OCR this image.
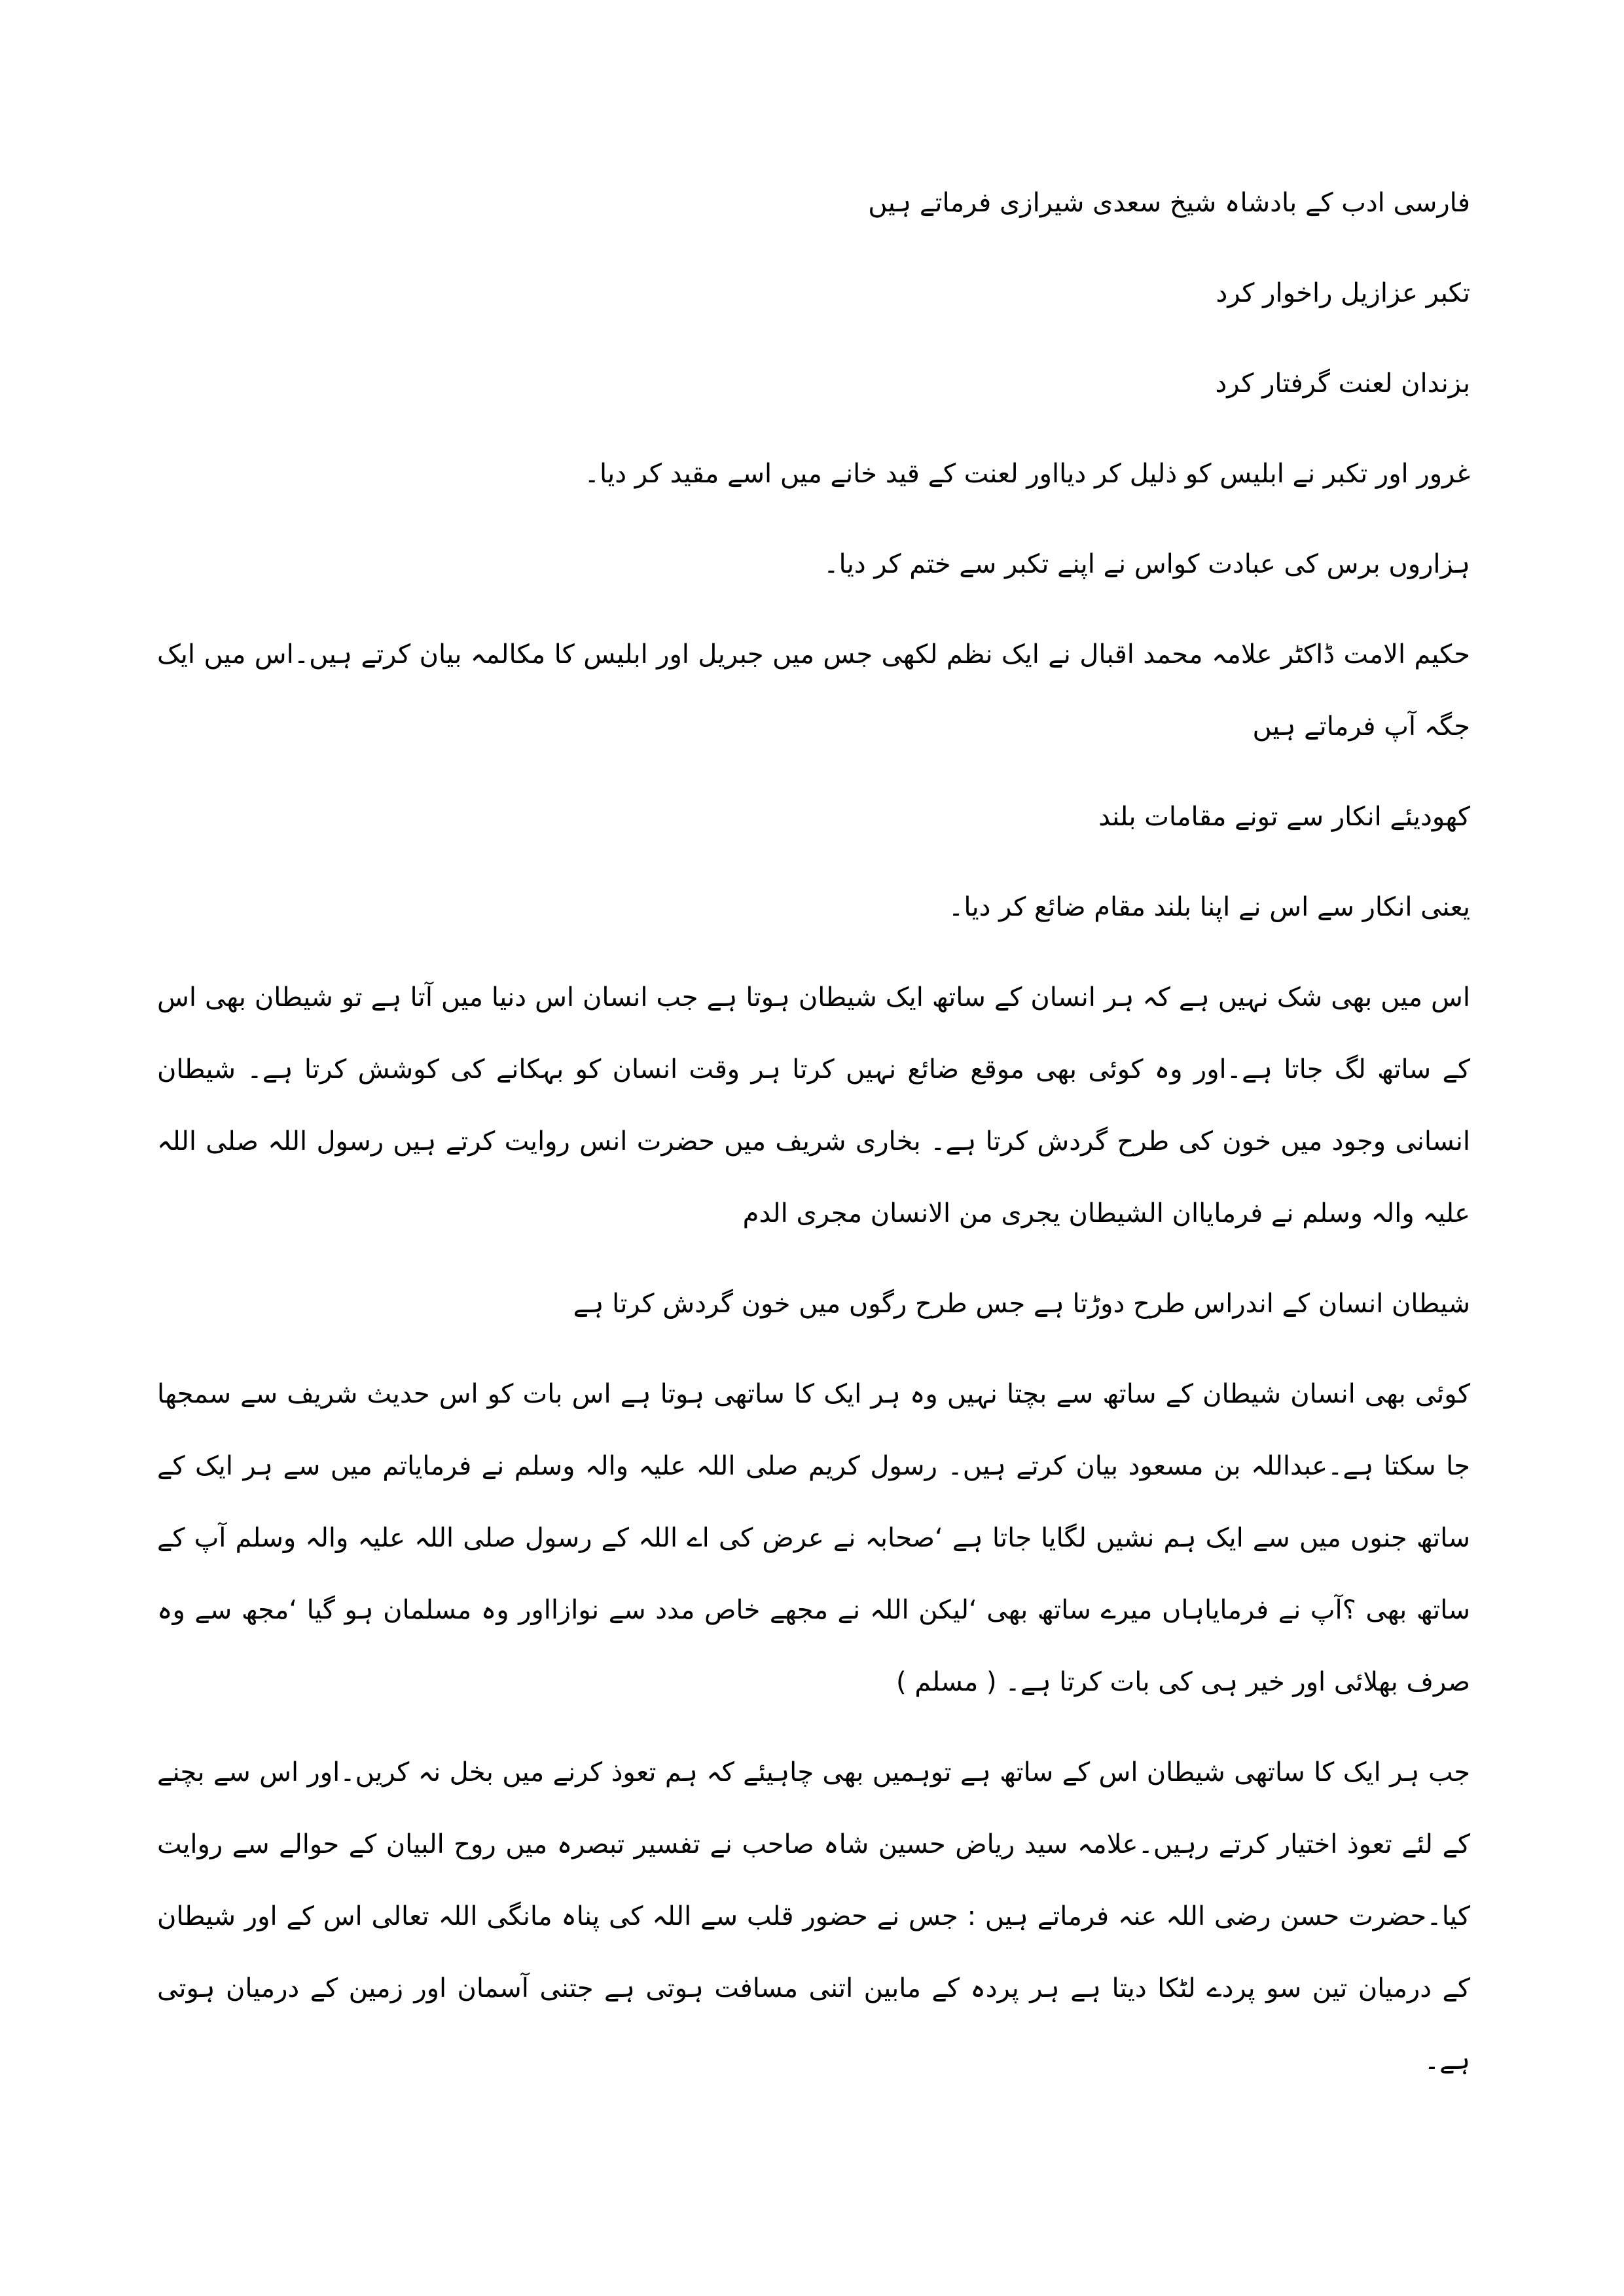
فارسی ادب کے بادشاہ شیخ سعدی شیرازی فرماتے ہیں

تکبر عزازیل راخوار کرد

بزندان لعنت گرفتار کرد

غرور اور تکبر نے ابلیس کو ذلیل کر دیااور لعنت کے قید خانے میں اسے مقید کر دیا۔

ہزاروں برس کی عبادت کواس نے اپنے تکبر سے ختم کر دیا۔

حکیم الامت ڈاکٹر علامہ محمد اقبال نے ایک نظم لکھی جس میں جبریل اور ابلیس کا مکالمہ بیان کرتے ہیں۔اس میں ایک جگہ آپ فرماتے ہیں

کھودیئے انکار سے تونے مقامات بلند

یعنی انکار سے اس نے اپنا بلند مقام ضائع کر دیا۔

اس میں بھی شک نہیں ہے کہ ہر انسان کے ساتھ ایک شیطان ہوتا ہے جب انسان اس دنیا میں آتا ہے تو شیطان بھی اس کے ساتھ لگ جاتا ہے۔اور وہ کوئی بھی موقع ضائع نہیں کرتا ہر وقت انسان کو بہکانے کی کوشش کرتا ہے۔ شیطان انسانی وجود میں خون کی طرح گردش کرتا ہے۔ بخاری شریف میں حضرت انس روایت کرتے ہیں رسول اللہ صلی اللہ علیہ والہ وسلم نے فرمایاان الشیطان یجری من الانسان مجری الدم

شیطان انسان کے اندراس طرح دوڑتا ہے جس طرح رگوں میں خون گردش کرتا ہے

کوئی بھی انسان شیطان کے ساتھ سے بچتا نہیں وہ ہر ایک کا ساتھی ہوتا ہے اس بات کو اس حدیث شریف سے سمجھا جا سکتا ہے۔عبداللہ بن مسعود بیان کرتے ہیں۔ رسول کریم صلی اللہ علیہ والہ وسلم نے فرمایاتم میں سے ہر ایک کے ساتھ جنوں میں سے ایک ہم نشیں لگایا جاتا ہے ‘صحابہ نے عرض کی اے اللہ کے رسول صلی اللہ علیہ والہ وسلم آپ کے ساتھ بھی ؟آپ نے فرمایاہاں میرے ساتھ بھی ‘لیکن اللہ نے مجھے خاص مدد سے نوازااور وہ مسلمان ہو گیا ‘مجھ سے وہ صرف بھلائی اور خیر ہی کی بات کرتا ہے۔ ( مسلم )

جب ہر ایک کا ساتھی شیطان اس کے ساتھ ہے توہمیں بھی چاہیئے کہ ہم تعوذ کرنے میں بخل نہ کریں۔اور اس سے بچنے کے لئے تعوذ اختیار کرتے رہیں۔علامہ سید ریاض حسین شاہ صاحب نے تفسیر تبصرہ میں روح البیان کے حوالے سے روایت کیا۔حضرت حسن رضی اللہ عنہ فرماتے ہیں : جس نے حضور قلب سے اللہ کی پناہ مانگی اللہ تعالی اس کے اور شیطان کے درمیان تین سو پردے لٹکا دیتا ہے ہر پردہ کے مابین اتنی مسافت ہوتی ہے جتنی آسمان اور زمین کے درمیان ہوتی ہے۔
